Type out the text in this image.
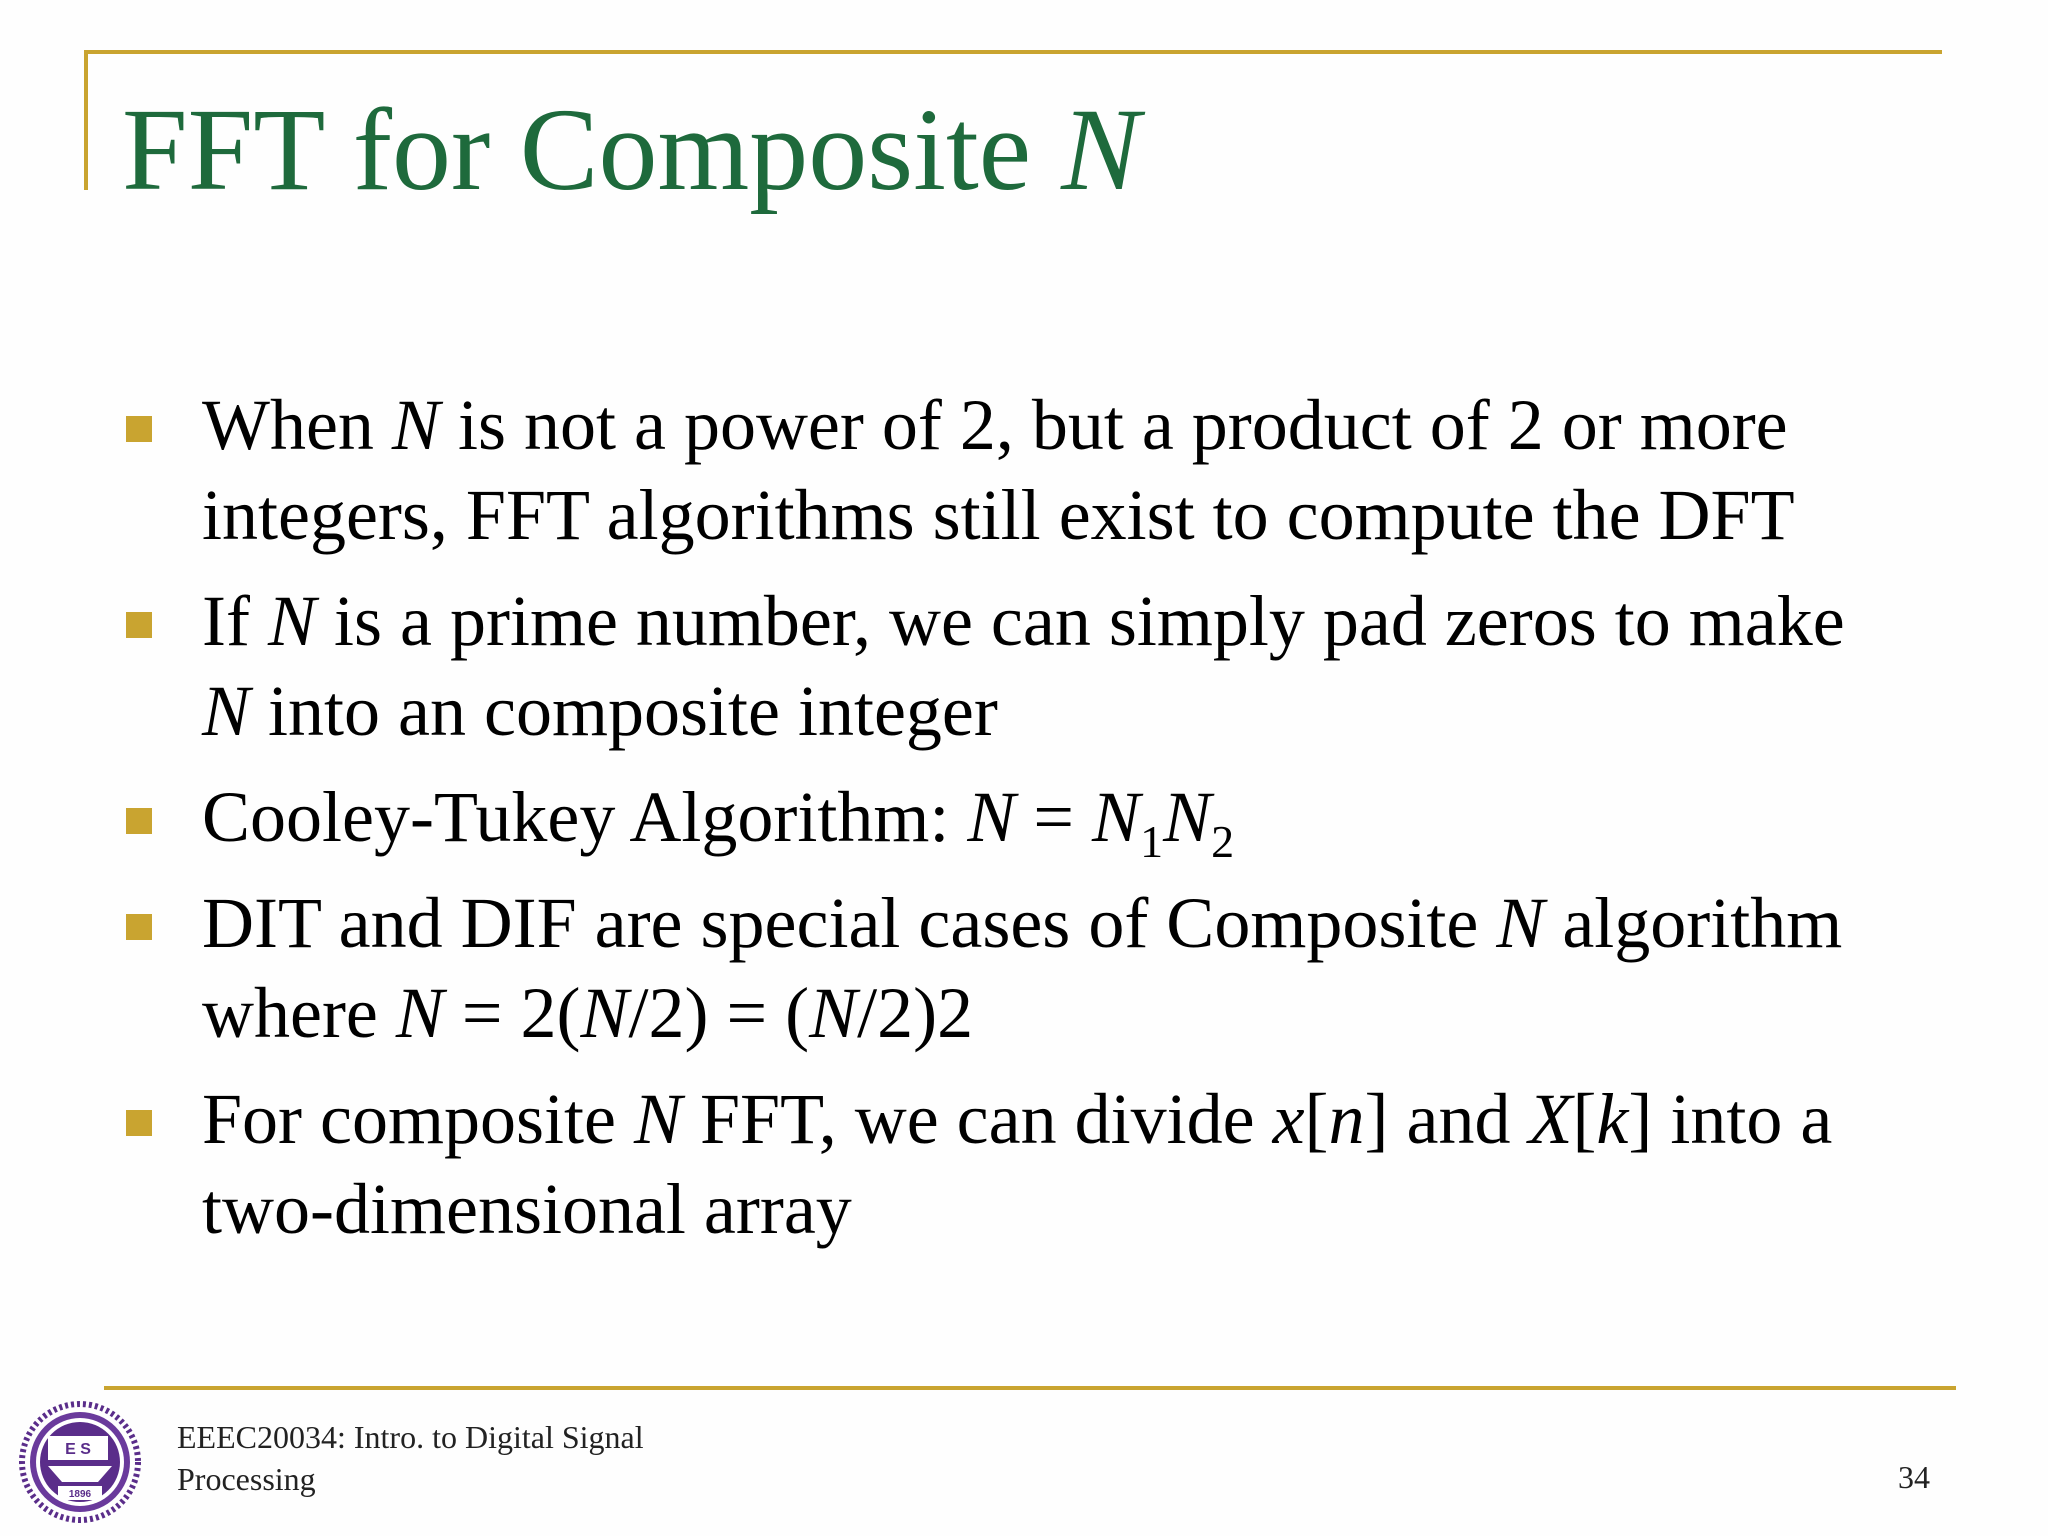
FFT for Composite N
When N is not a power of 2, but a product of 2 or more
integers, FFT algorithms still exist to compute the DFT
If N is a prime number, we can simply pad zeros to make
N into an composite integer
Cooley-Tukey Algorithm: $N = N_1N_2$
DIT and DIF are special cases of Composite N algorithm
where N = 2(N/2) = (N/2)2
For composite N FFT, we can divide x[n] and X[k] into a
two-dimensional array
E S
1896
EEEC20034: Intro. to Digital Signal
Processing	34
